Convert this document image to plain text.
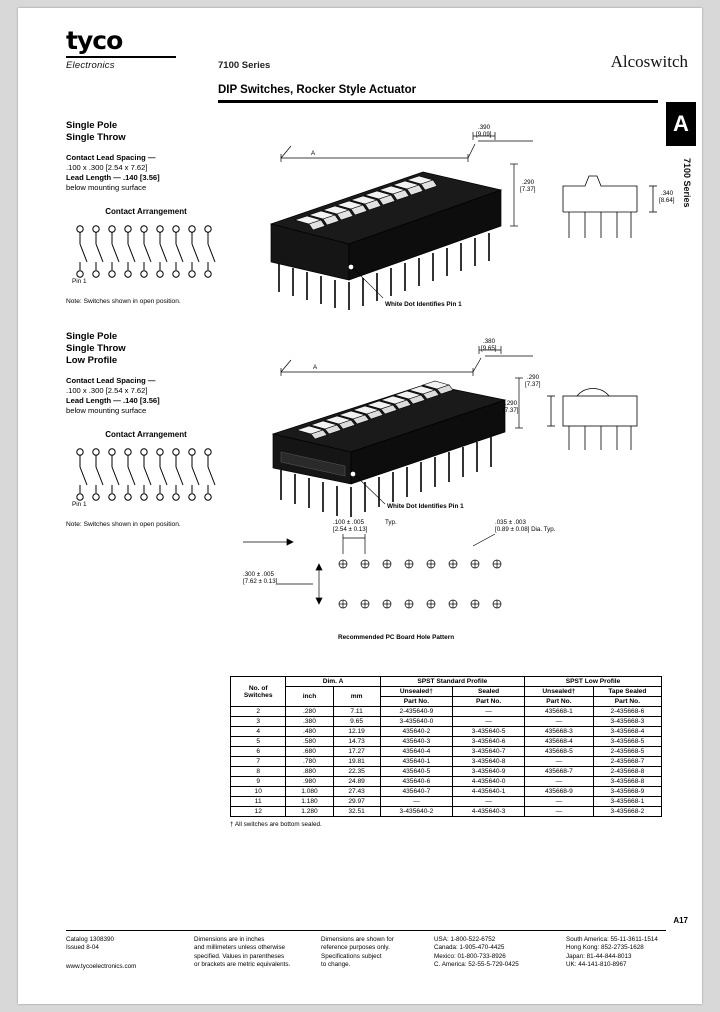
tyco
Electronics	7100 Series	Alcoswitch
DIP Switches, Rocker Style Actuator
A
7100 Series
Single Pole
Single Throw
Contact Lead Spacing —
.100 x .300 [2.54 x 7.62]
Lead Length — .140 [3.56]
below mounting surface
Contact Arrangement
Pin 1
Note: Switches shown in open position.
Single Pole
Single Throw
Low Profile
Contact Lead Spacing —
.100 x .300 [2.54 x 7.62]
Lead Length — .140 [3.56]
below mounting surface
Contact Arrangement
Pin 1
Note: Switches shown in open position.
A
.390
[9.09]
.290
[7.37]
White Dot Identifies Pin 1
.340
[8.64]
A
.380
[9.65]
.290
[7.37]
White Dot Identifies Pin 1
.290
[7.37]
.100 ± .005
[2.54 ± 0.13]
Typ.	.035 ± .003
[0.89 ± 0.08] Dia. Typ.
.300 ± .005
[7.62 ± 0.13]
Recommended PC Board Hole Pattern
No. of
Switches	Dim. A		SPST Standard Profile		SPST Low Profile	
	inch	mm	Unsealed†	Sealed	Unsealed†	Tape Sealed
			Part No.	Part No.	Part No.	Part No.
2	.280	7.11	2-435640-9	—	435668-1	2-435668-6
3	.380	9.65	3-435640-0	—	—	3-435668-3
4	.480	12.19	435640-2	3-435640-5	435668-3	3-435668-4
5	.580	14.73	435640-3	3-435640-6	435668-4	3-435668-5
6	.680	17.27	435640-4	3-435640-7	435668-5	2-435668-5
7	.780	19.81	435640-1	3-435640-8	—	2-435668-7
8	.880	22.35	435640-5	3-435640-9	435668-7	2-435668-8
9	.980	24.89	435640-6	4-435640-0	—	3-435668-8
10	1.080	27.43	435640-7	4-435640-1	435668-9	3-435668-9
11	1.180	29.97	—	—	—	3-435668-1
12	1.280	32.51	3-435640-2	4-435640-3	—	3-435668-2
† All switches are bottom sealed.
A17
Catalog 1308390
Issued 8-04
www.tycoelectronics.com
Dimensions are in inches
and millimeters unless otherwise
specified. Values in parentheses
or brackets are metric equivalents.
Dimensions are shown for
reference purposes only.
Specifications subject
to change.
USA: 1-800-522-6752
Canada: 1-905-470-4425
Mexico: 01-800-733-8926
C. America: 52-55-5-729-0425
South America: 55-11-3611-1514
Hong Kong: 852-2735-1628
Japan: 81-44-844-8013
UK: 44-141-810-8967
